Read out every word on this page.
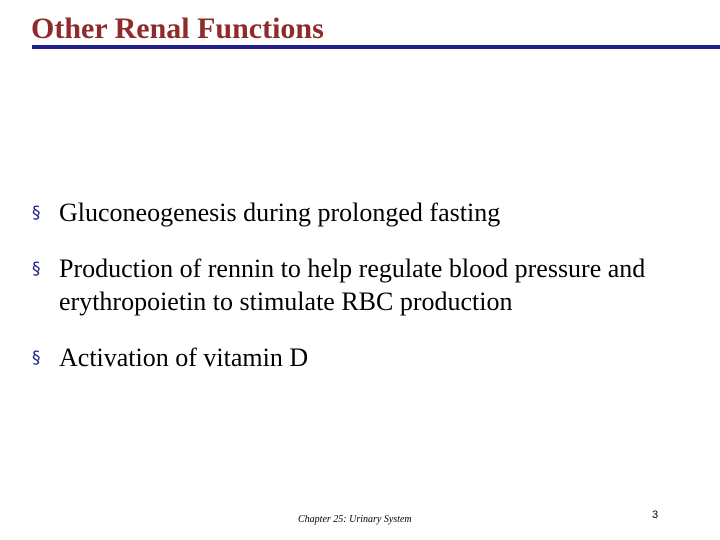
Other Renal Functions
§ Gluconeogenesis during prolonged fasting
§ Production of rennin to help regulate blood pressure and erythropoietin to stimulate RBC production
§ Activation of vitamin D
Chapter 25: Urinary System	3
